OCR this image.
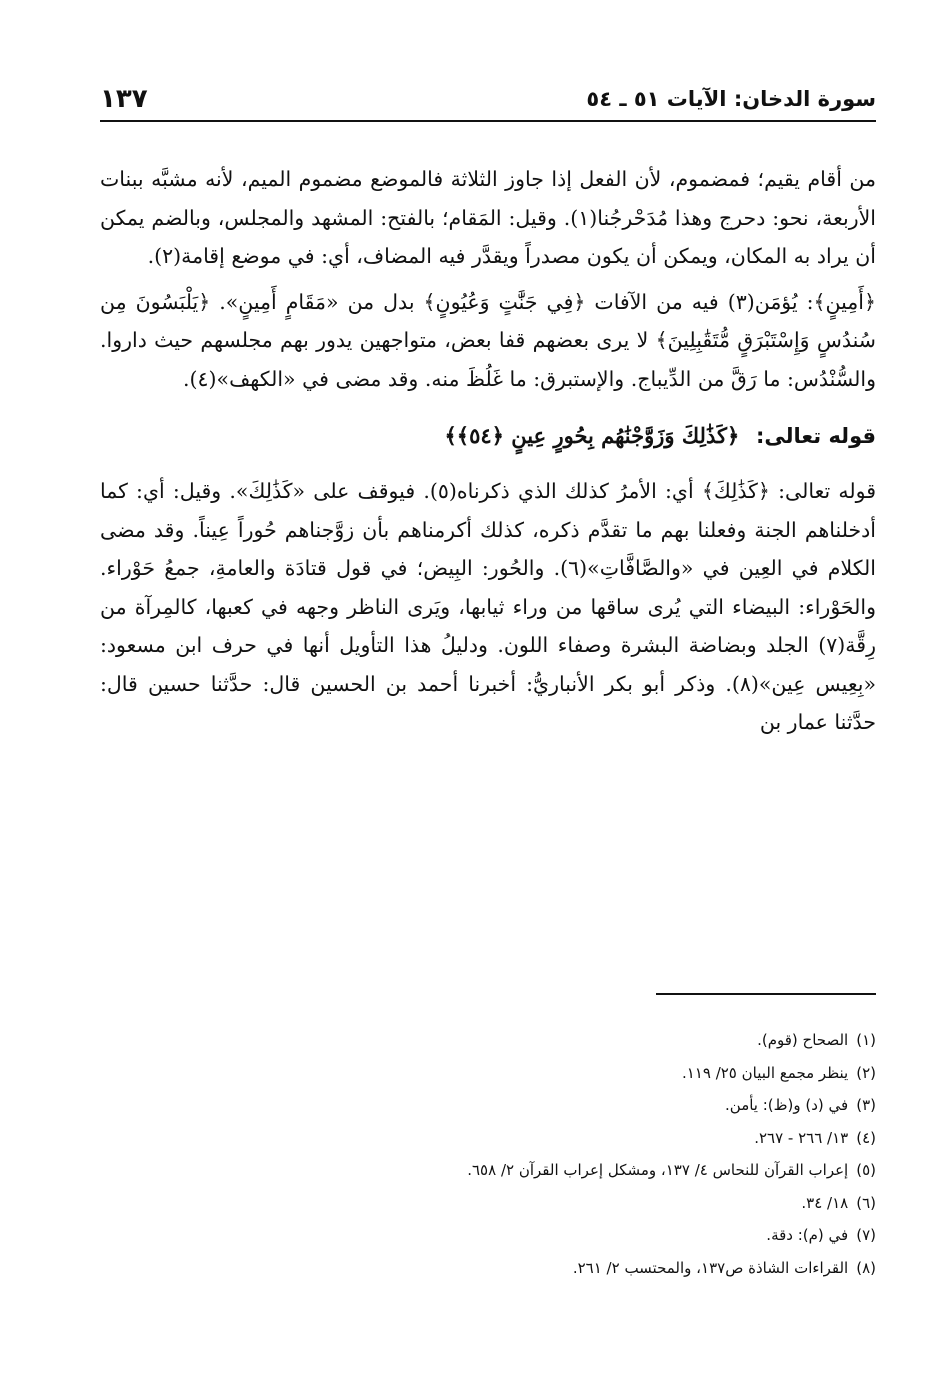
سورة الدخان: الآيات ٥١ ـ ٥٤
١٣٧

من أقام يقيم؛ فمضموم، لأن الفعل إذا جاوز الثلاثة فالموضع مضموم الميم، لأنه مشبَّه ببنات الأربعة، نحو: دحرج وهذا مُدَحْرجُنا(١). وقيل: المَقام؛ بالفتح: المشهد والمجلس، وبالضم يمكن أن يراد به المكان، ويمكن أن يكون مصدراً ويقدَّر فيه المضاف، أي: في موضع إقامة(٢).

﴿أَمِينٍ﴾: يُؤمَن(٣) فيه من الآفات ﴿فِي جَنَّٰتٍ وَعُيُونٍ﴾ بدل من «مَقَامٍ أَمِينٍ». ﴿يَلْبَسُونَ مِن سُندُسٍ وَإِسْتَبْرَقٍ مُّتَقَٰبِلِينَ﴾ لا يرى بعضهم قفا بعض، متواجهين يدور بهم مجلسهم حيث داروا. والسُّنْدُس: ما رَقَّ من الدِّيباج. والإستبرق: ما غَلُظَ منه. وقد مضى في «الكهف»(٤).

قوله تعالى: ﴿كَذَٰلِكَ وَزَوَّجْنَٰهُم بِحُورٍ عِينٍ ﴿٥٤﴾﴾

قوله تعالى: ﴿كَذَٰلِكَ﴾ أي: الأمرُ كذلك الذي ذكرناه(٥). فيوقف على «كَذَٰلِكَ». وقيل: أي: كما أدخلناهم الجنة وفعلنا بهم ما تقدَّم ذكره، كذلك أكرمناهم بأن زوَّجناهم حُوراً عِيناً. وقد مضى الكلام في العِين في «والصَّافَّاتِ»(٦). والحُور: البِيض؛ في قول قتادَة والعامةِ، جمعُ حَوْراء. والحَوْراء: البيضاء التي يُرى ساقها من وراء ثيابها، ويَرى الناظر وجهه في كعبها، كالمِرآة من رِقَّة(٧) الجلد وبضاضة البشرة وصفاء اللون. ودليلُ هذا التأويل أنها في حرف ابن مسعود: «بِعِيس عِين»(٨). وذكر أبو بكر الأنباريُّ: أخبرنا أحمد بن الحسين قال: حدَّثنا حسين قال: حدَّثنا عمار بن

(١)
الصحاح (قوم).
(٢)
ينظر مجمع البيان ٢٥/ ١١٩.
(٣)
في (د) و(ظ): يأمن.
(٤)
١٣/ ٢٦٦ - ٢٦٧.
(٥)
إعراب القرآن للنحاس ٤/ ١٣٧، ومشكل إعراب القرآن ٢/ ٦٥٨.
(٦)
١٨/ ٣٤.
(٧)
في (م): دقة.
(٨)
القراءات الشاذة ص١٣٧، والمحتسب ٢/ ٢٦١.
